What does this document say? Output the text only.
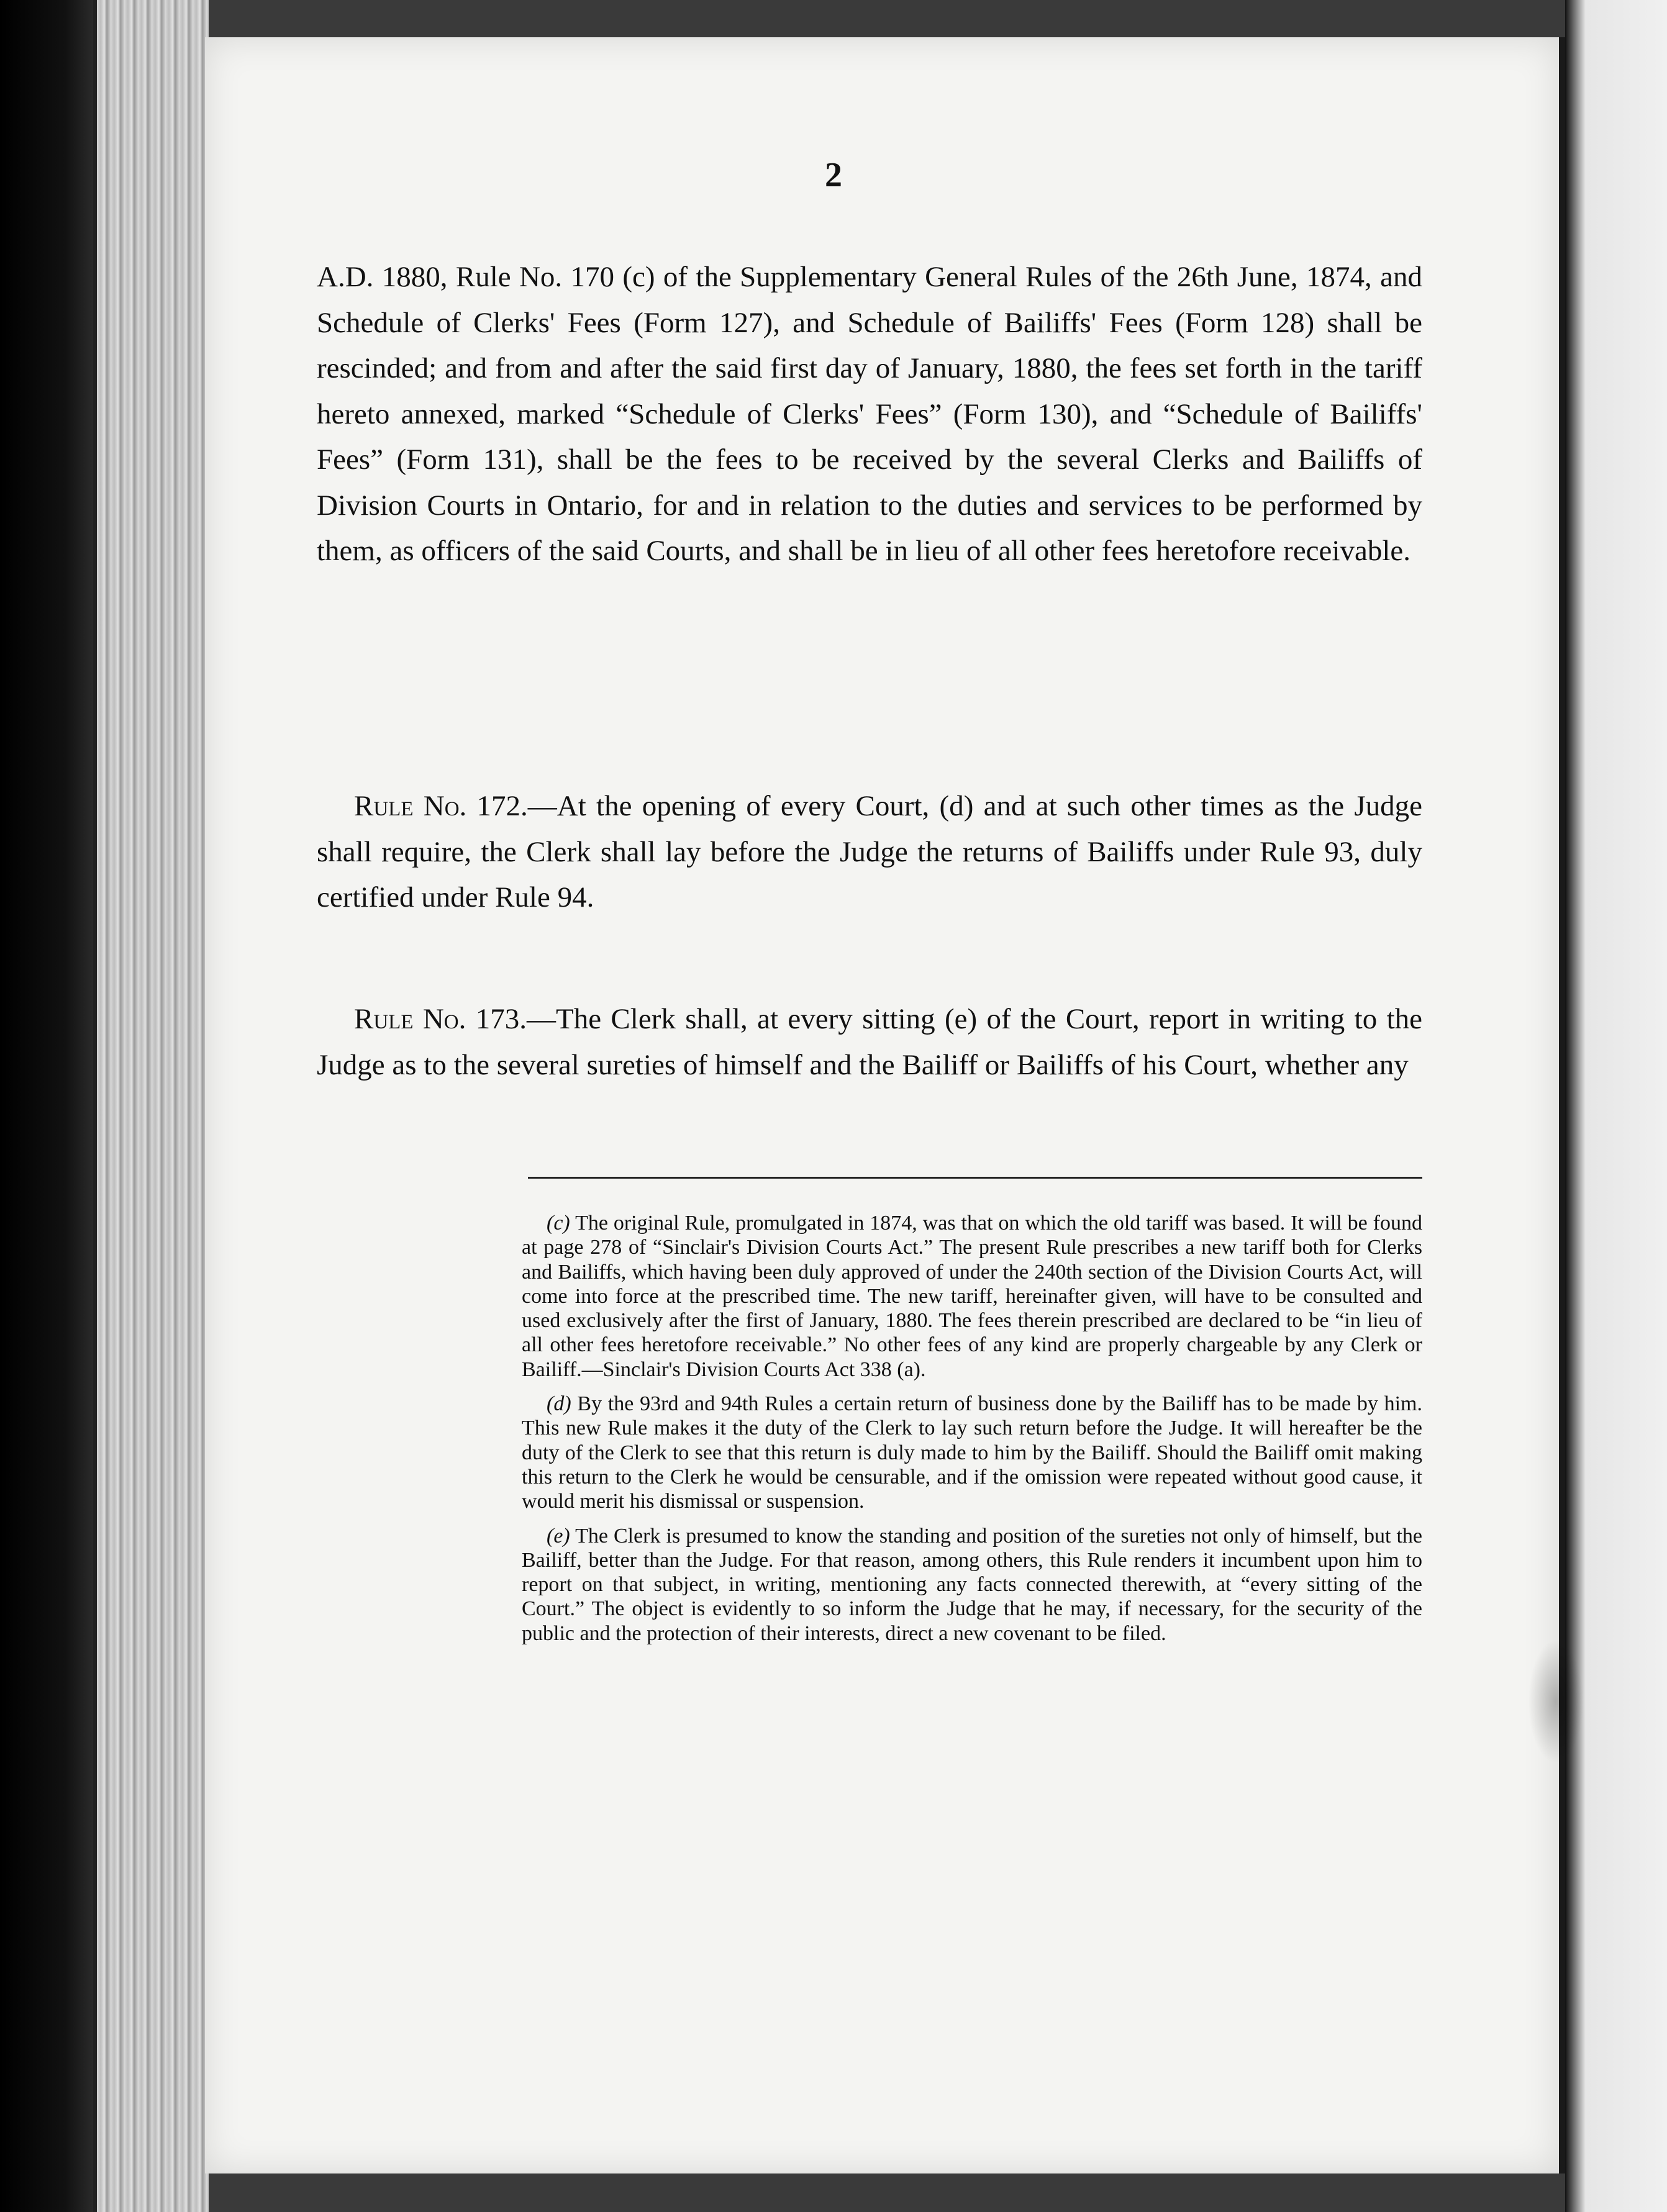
2

A.D. 1880, Rule No. 170 (c) of the Supplementary General Rules of the 26th June, 1874, and Schedule of Clerks' Fees (Form 127), and Schedule of Bailiffs' Fees (Form 128) shall be rescinded; and from and after the said first day of January, 1880, the fees set forth in the tariff hereto annexed, marked “Schedule of Clerks' Fees” (Form 130), and “Schedule of Bailiffs' Fees” (Form 131), shall be the fees to be received by the several Clerks and Bailiffs of Division Courts in Ontario, for and in relation to the duties and services to be performed by them, as officers of the said Courts, and shall be in lieu of all other fees heretofore receivable.

Rule No. 172.—At the opening of every Court, (d) and at such other times as the Judge shall require, the Clerk shall lay before the Judge the returns of Bailiffs under Rule 93, duly certified under Rule 94.

Rule No. 173.—The Clerk shall, at every sitting (e) of the Court, report in writing to the Judge as to the several sureties of himself and the Bailiff or Bailiffs of his Court, whether any

(c) The original Rule, promulgated in 1874, was that on which the old tariff was based. It will be found at page 278 of “Sinclair's Division Courts Act.” The present Rule prescribes a new tariff both for Clerks and Bailiffs, which having been duly approved of under the 240th section of the Division Courts Act, will come into force at the prescribed time. The new tariff, hereinafter given, will have to be consulted and used exclusively after the first of January, 1880. The fees therein prescribed are declared to be “in lieu of all other fees heretofore receivable.” No other fees of any kind are properly chargeable by any Clerk or Bailiff.—Sinclair's Division Courts Act 338 (a).

(d) By the 93rd and 94th Rules a certain return of business done by the Bailiff has to be made by him. This new Rule makes it the duty of the Clerk to lay such return before the Judge. It will hereafter be the duty of the Clerk to see that this return is duly made to him by the Bailiff. Should the Bailiff omit making this return to the Clerk he would be censurable, and if the omission were repeated without good cause, it would merit his dismissal or suspension.

(e) The Clerk is presumed to know the standing and position of the sureties not only of himself, but the Bailiff, better than the Judge. For that reason, among others, this Rule renders it incumbent upon him to report on that subject, in writing, mentioning any facts connected therewith, at “every sitting of the Court.” The object is evidently to so inform the Judge that he may, if necessary, for the security of the public and the protection of their interests, direct a new covenant to be filed.
